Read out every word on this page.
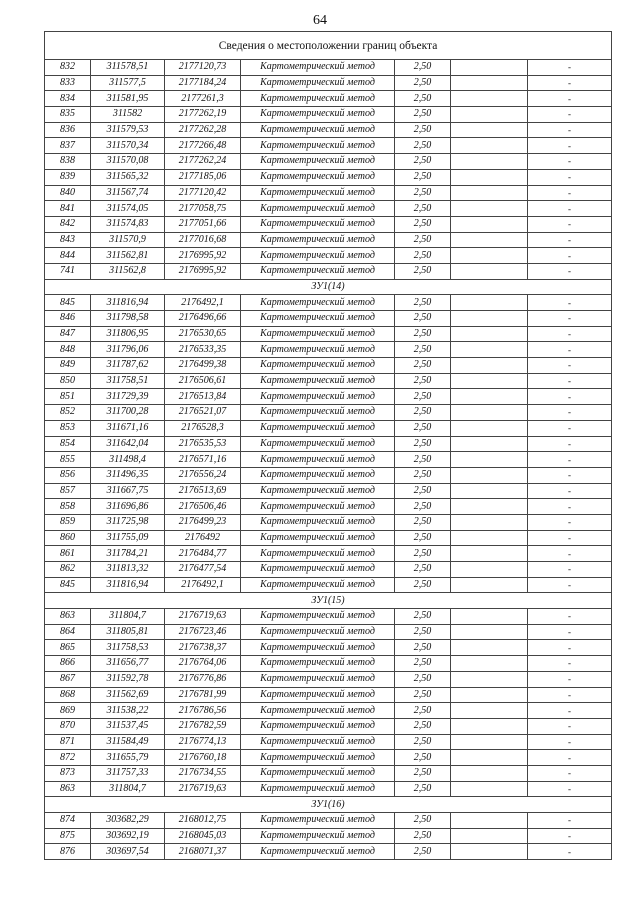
64
Сведения о местоположении границ объекта						
832	311578,51	2177120,73	Картометрический метод	2,50		-
833	311577,5	2177184,24	Картометрический метод	2,50		-
834	311581,95	2177261,3	Картометрический метод	2,50		-
835	311582	2177262,19	Картометрический метод	2,50		-
836	311579,53	2177262,28	Картометрический метод	2,50		-
837	311570,34	2177266,48	Картометрический метод	2,50		-
838	311570,08	2177262,24	Картометрический метод	2,50		-
839	311565,32	2177185,06	Картометрический метод	2,50		-
840	311567,74	2177120,42	Картометрический метод	2,50		-
841	311574,05	2177058,75	Картометрический метод	2,50		-
842	311574,83	2177051,66	Картометрический метод	2,50		-
843	311570,9	2177016,68	Картометрический метод	2,50		-
844	311562,81	2176995,92	Картометрический метод	2,50		-
741	311562,8	2176995,92	Картометрический метод	2,50		-
ЗУ1(14)						
845	311816,94	2176492,1	Картометрический метод	2,50		-
846	311798,58	2176496,66	Картометрический метод	2,50		-
847	311806,95	2176530,65	Картометрический метод	2,50		-
848	311796,06	2176533,35	Картометрический метод	2,50		-
849	311787,62	2176499,38	Картометрический метод	2,50		-
850	311758,51	2176506,61	Картометрический метод	2,50		-
851	311729,39	2176513,84	Картометрический метод	2,50		-
852	311700,28	2176521,07	Картометрический метод	2,50		-
853	311671,16	2176528,3	Картометрический метод	2,50		-
854	311642,04	2176535,53	Картометрический метод	2,50		-
855	311498,4	2176571,16	Картометрический метод	2,50		-
856	311496,35	2176556,24	Картометрический метод	2,50		-
857	311667,75	2176513,69	Картометрический метод	2,50		-
858	311696,86	2176506,46	Картометрический метод	2,50		-
859	311725,98	2176499,23	Картометрический метод	2,50		-
860	311755,09	2176492	Картометрический метод	2,50		-
861	311784,21	2176484,77	Картометрический метод	2,50		-
862	311813,32	2176477,54	Картометрический метод	2,50		-
845	311816,94	2176492,1	Картометрический метод	2,50		-
ЗУ1(15)						
863	311804,7	2176719,63	Картометрический метод	2,50		-
864	311805,81	2176723,46	Картометрический метод	2,50		-
865	311758,53	2176738,37	Картометрический метод	2,50		-
866	311656,77	2176764,06	Картометрический метод	2,50		-
867	311592,78	2176776,86	Картометрический метод	2,50		-
868	311562,69	2176781,99	Картометрический метод	2,50		-
869	311538,22	2176786,56	Картометрический метод	2,50		-
870	311537,45	2176782,59	Картометрический метод	2,50		-
871	311584,49	2176774,13	Картометрический метод	2,50		-
872	311655,79	2176760,18	Картометрический метод	2,50		-
873	311757,33	2176734,55	Картометрический метод	2,50		-
863	311804,7	2176719,63	Картометрический метод	2,50		-
ЗУ1(16)						
874	303682,29	2168012,75	Картометрический метод	2,50		-
875	303692,19	2168045,03	Картометрический метод	2,50		-
876	303697,54	2168071,37	Картометрический метод	2,50		-
